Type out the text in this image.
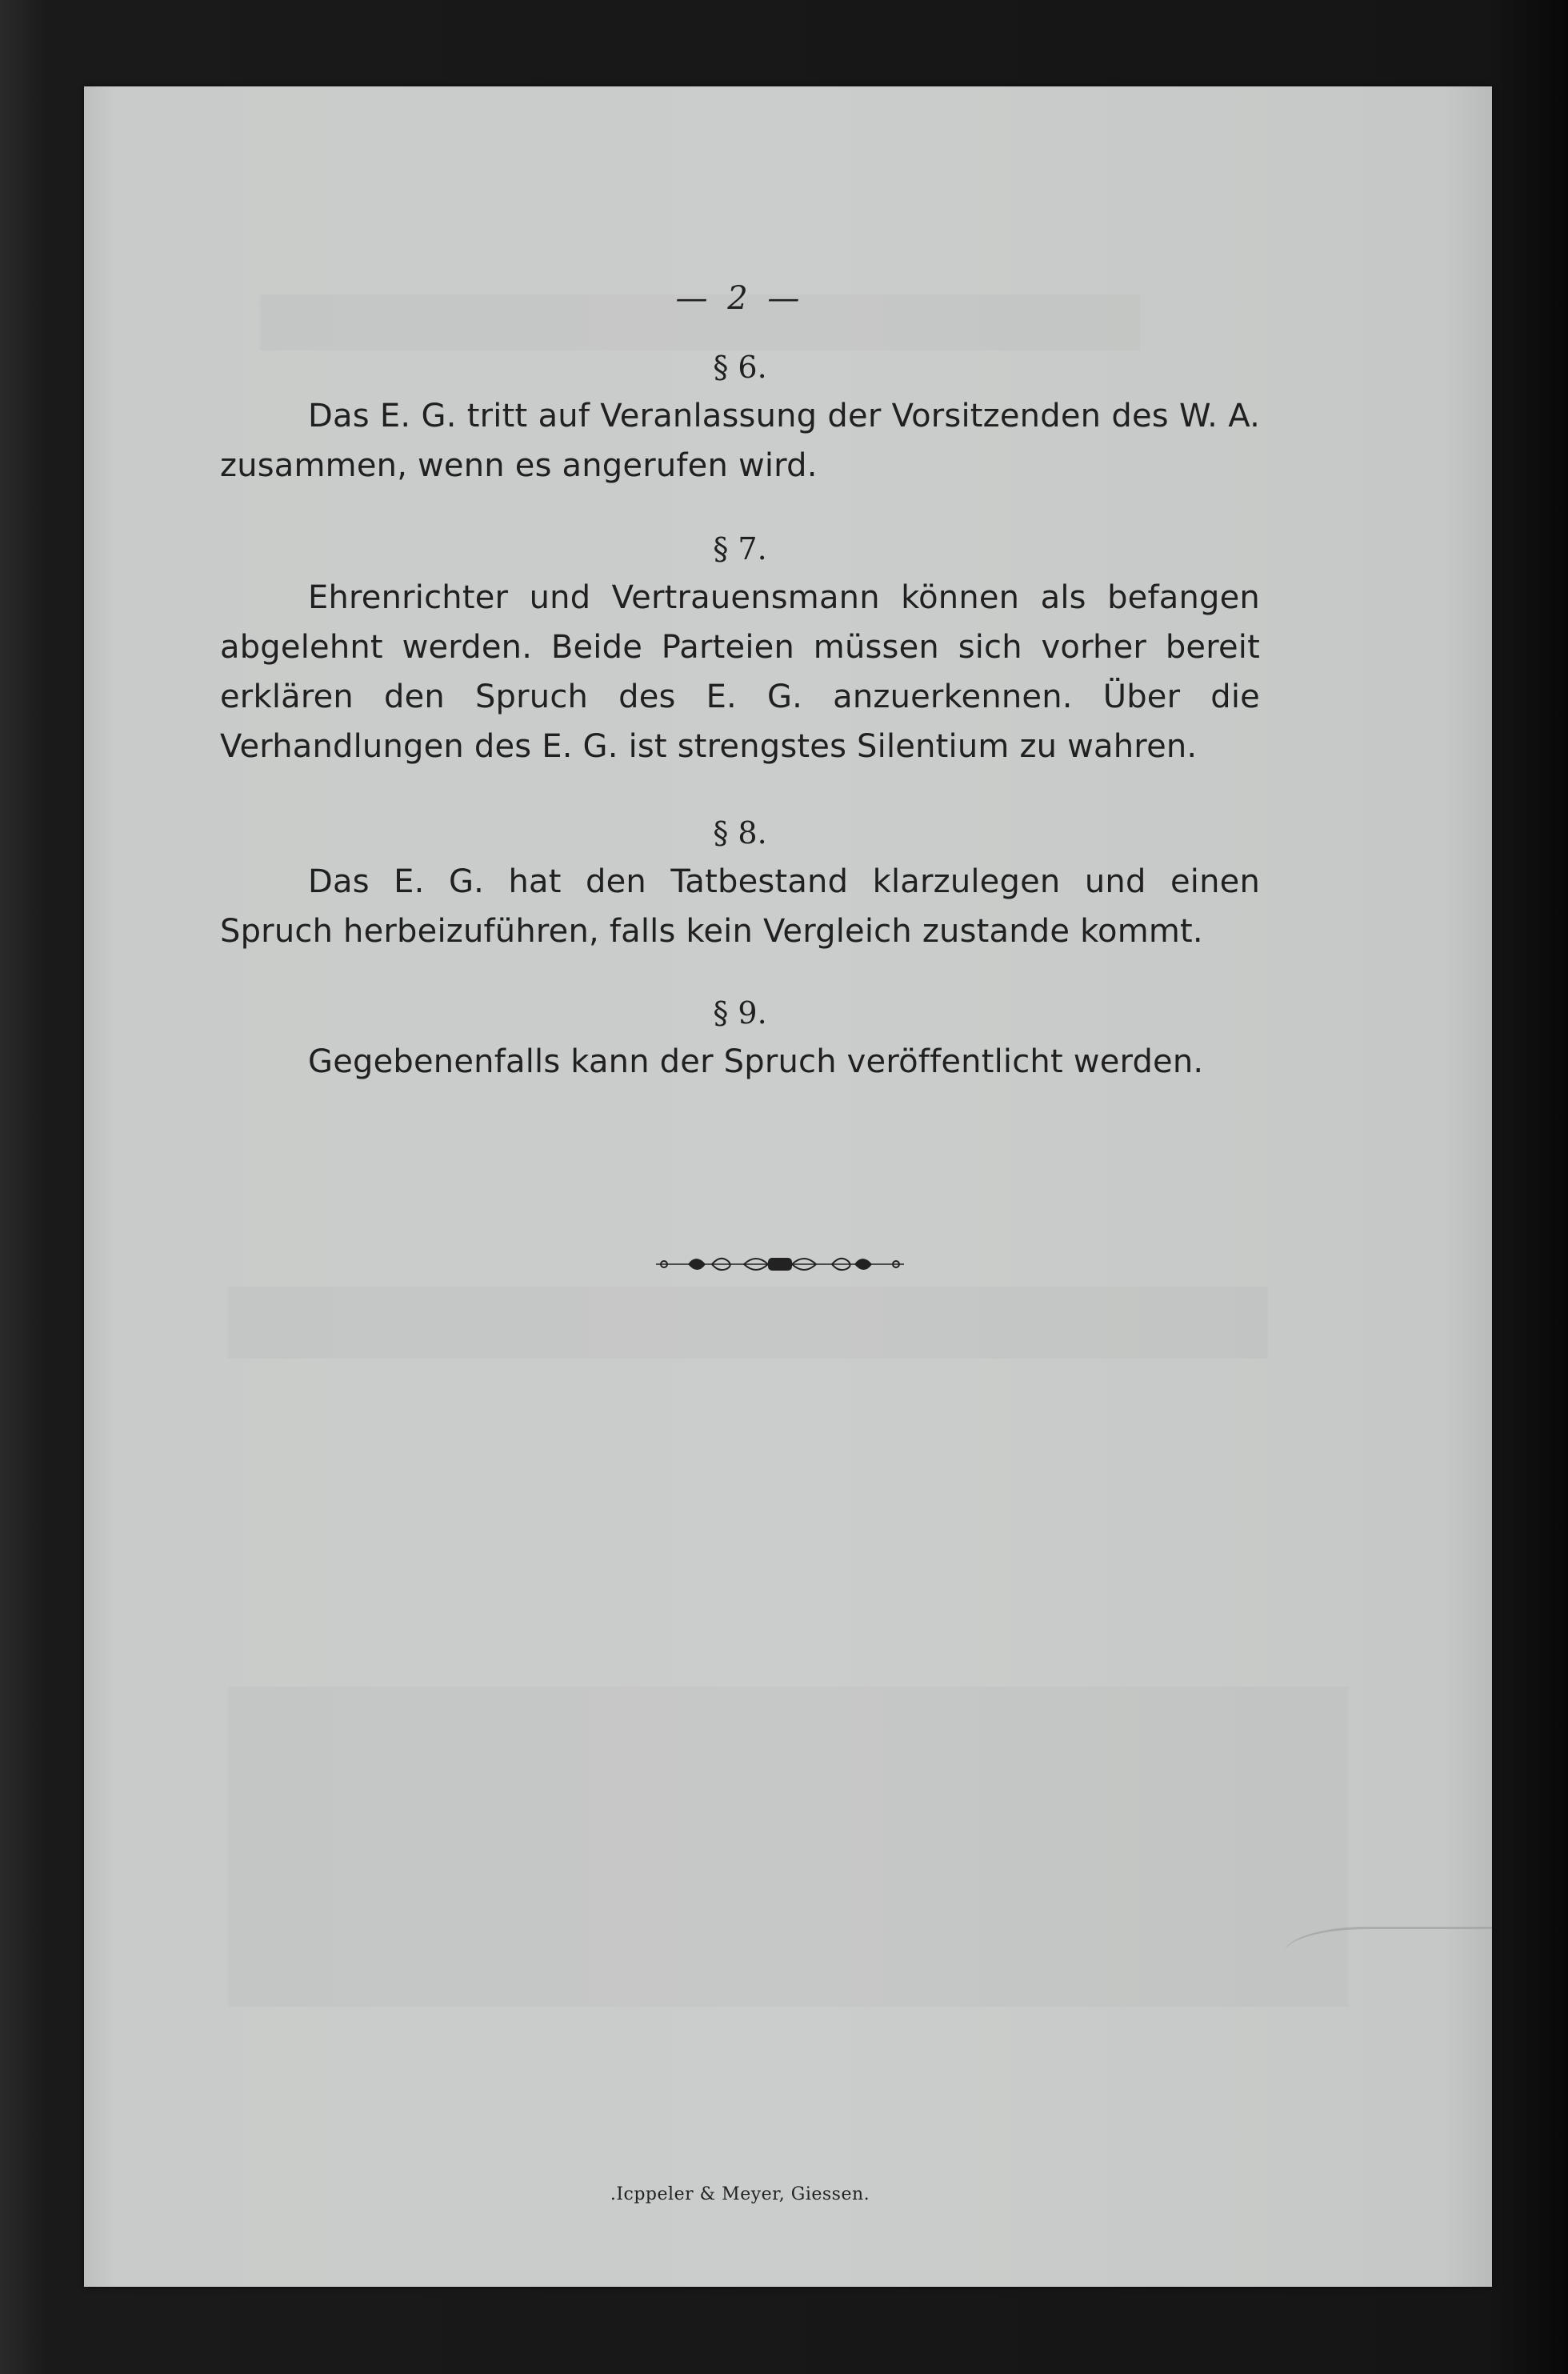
— 2 —
§ 6.

Das E. G. tritt auf Veranlassung der Vorsitzenden des W. A. zusammen, wenn es angerufen wird.

§ 7.

Ehrenrichter und Vertrauensmann können als befangen abgelehnt werden. Beide Parteien müssen sich vorher bereit erklären den Spruch des E. G. anzuerkennen. Über die Verhandlungen des E. G. ist strengstes Silentium zu wahren.

§ 8.

Das E. G. hat den Tatbestand klarzulegen und einen Spruch herbeizuführen, falls kein Vergleich zustande kommt.

§ 9.

Gegebenenfalls kann der Spruch veröffentlicht werden.

.Icppeler & Meyer, Giessen.
